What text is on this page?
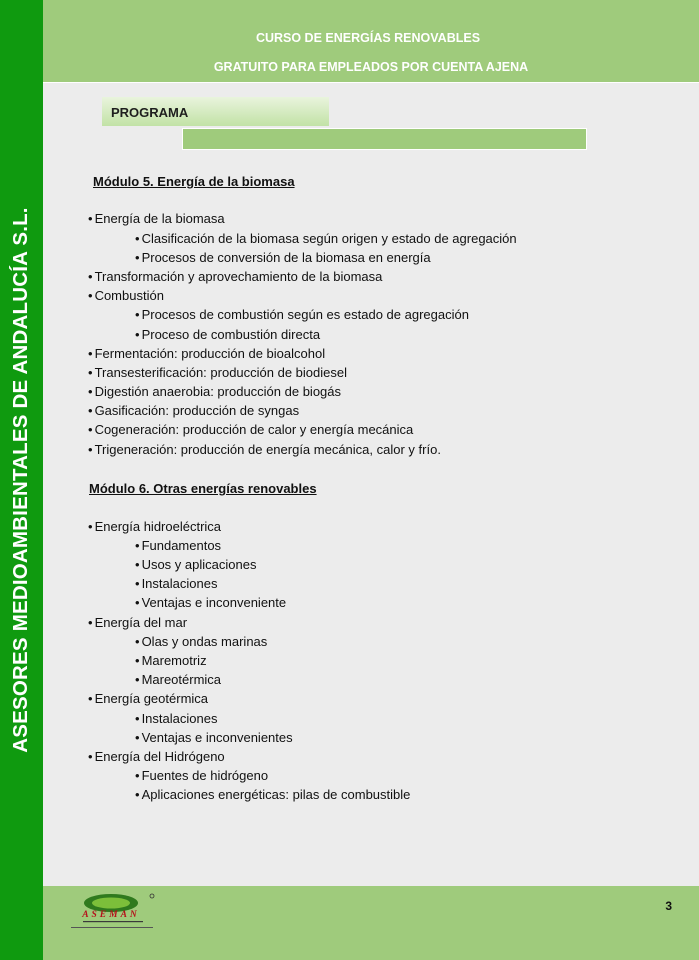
ASESORES MEDIOAMBIENTALES DE ANDALUCÍA S.L.
CURSO DE ENERGÍAS RENOVABLES
GRATUITO PARA EMPLEADOS POR CUENTA AJENA
PROGRAMA
Módulo 5. Energía de la biomasa
• Energía de la biomasa
• Clasificación de la biomasa según origen y estado de agregación
• Procesos de conversión de la biomasa en energía
• Transformación y aprovechamiento de la biomasa
• Combustión
• Procesos de combustión según es estado de agregación
• Proceso de combustión directa
• Fermentación: producción de bioalcohol
• Transesterificación: producción de biodiesel
• Digestión anaerobia: producción de biogás
• Gasificación: producción de syngas
• Cogeneración: producción de calor y energía mecánica
• Trigeneración: producción de energía mecánica, calor y frío.
Módulo 6. Otras energías renovables
• Energía hidroeléctrica
• Fundamentos
• Usos y aplicaciones
• Instalaciones
• Ventajas e inconveniente
• Energía del mar
• Olas y ondas marinas
• Maremotriz
• Mareotérmica
• Energía geotérmica
• Instalaciones
• Ventajas e inconvenientes
• Energía del Hidrógeno
• Fuentes de hidrógeno
• Aplicaciones energéticas: pilas de combustible
ASEMAN
3
